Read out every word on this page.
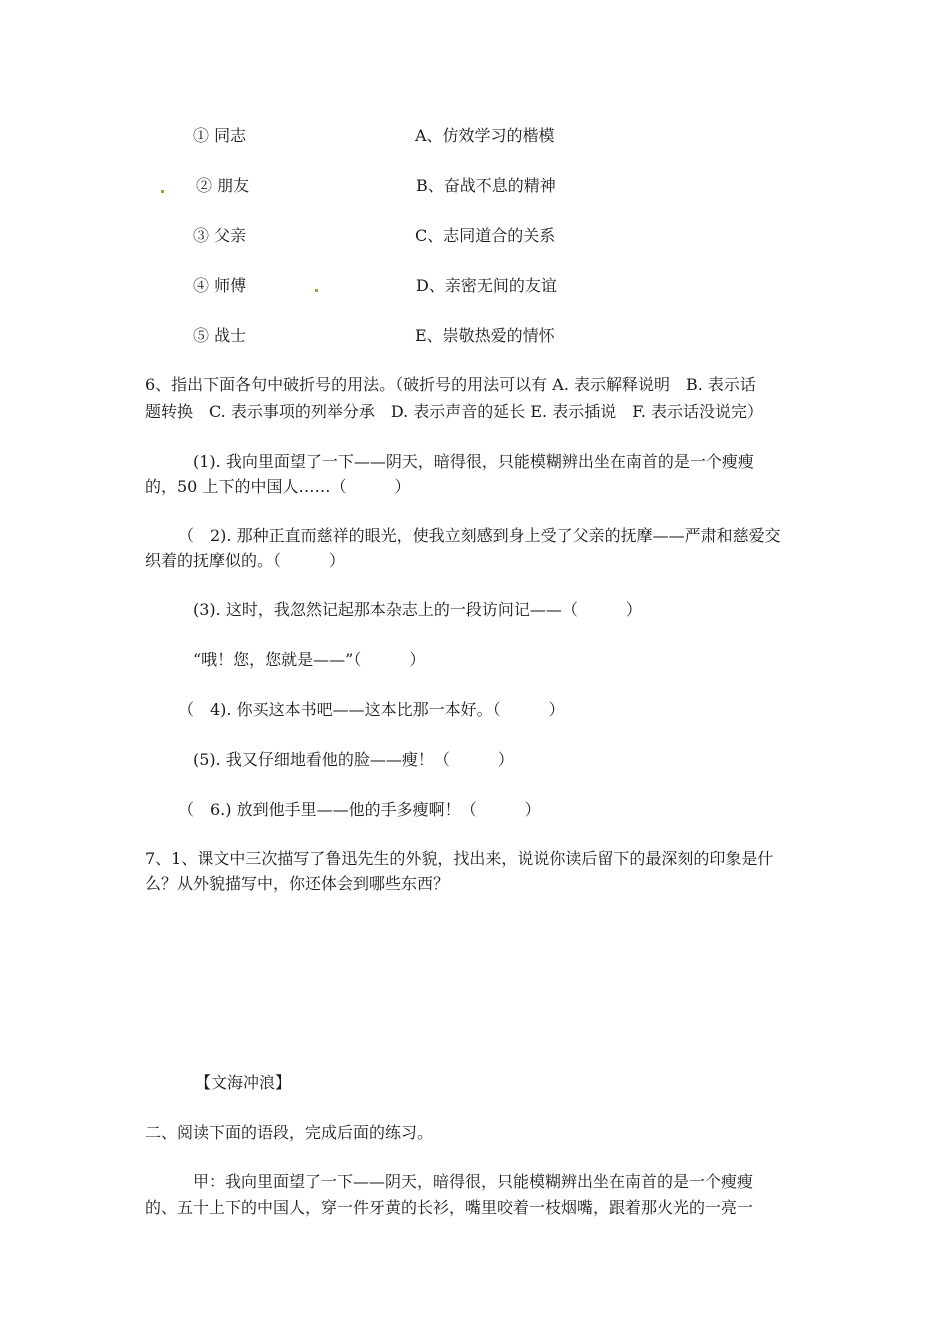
① 同志	A、仿效学习的楷模
② 朋友	B、奋战不息的精神
③ 父亲	C、志同道合的关系
④ 师傅	D、亲密无间的友谊
⑤ 战士	E、崇敬热爱的情怀
6、指出下面各句中破折号的用法。（破折号的用法可以有 A. 表示解释说明　B. 表示话
题转换　C. 表示事项的列举分承　D. 表示声音的延长 E. 表示插说　F. 表示话没说完）
(1). 我向里面望了一下——阴天，暗得很，只能模糊辨出坐在南首的是一个瘦瘦
的，50 上下的中国人……（　　　）
（　2). 那种正直而慈祥的眼光，使我立刻感到身上受了父亲的抚摩——严肃和慈爱交
织着的抚摩似的。（　　　）
(3). 这时，我忽然记起那本杂志上的一段访问记——（　　　）
“哦！您，您就是——”（　　　）
（　4). 你买这本书吧——这本比那一本好。（　　　）
(5). 我又仔细地看他的脸——瘦！（　　　）
（　6.) 放到他手里——他的手多瘦啊！（　　　）
7、1、课文中三次描写了鲁迅先生的外貌，找出来，说说你读后留下的最深刻的印象是什
么？从外貌描写中，你还体会到哪些东西？
【文海冲浪】
二、阅读下面的语段，完成后面的练习。
甲：我向里面望了一下——阴天，暗得很，只能模糊辨出坐在南首的是一个瘦瘦
的、五十上下的中国人，穿一件牙黄的长衫，嘴里咬着一枝烟嘴，跟着那火光的一亮一
